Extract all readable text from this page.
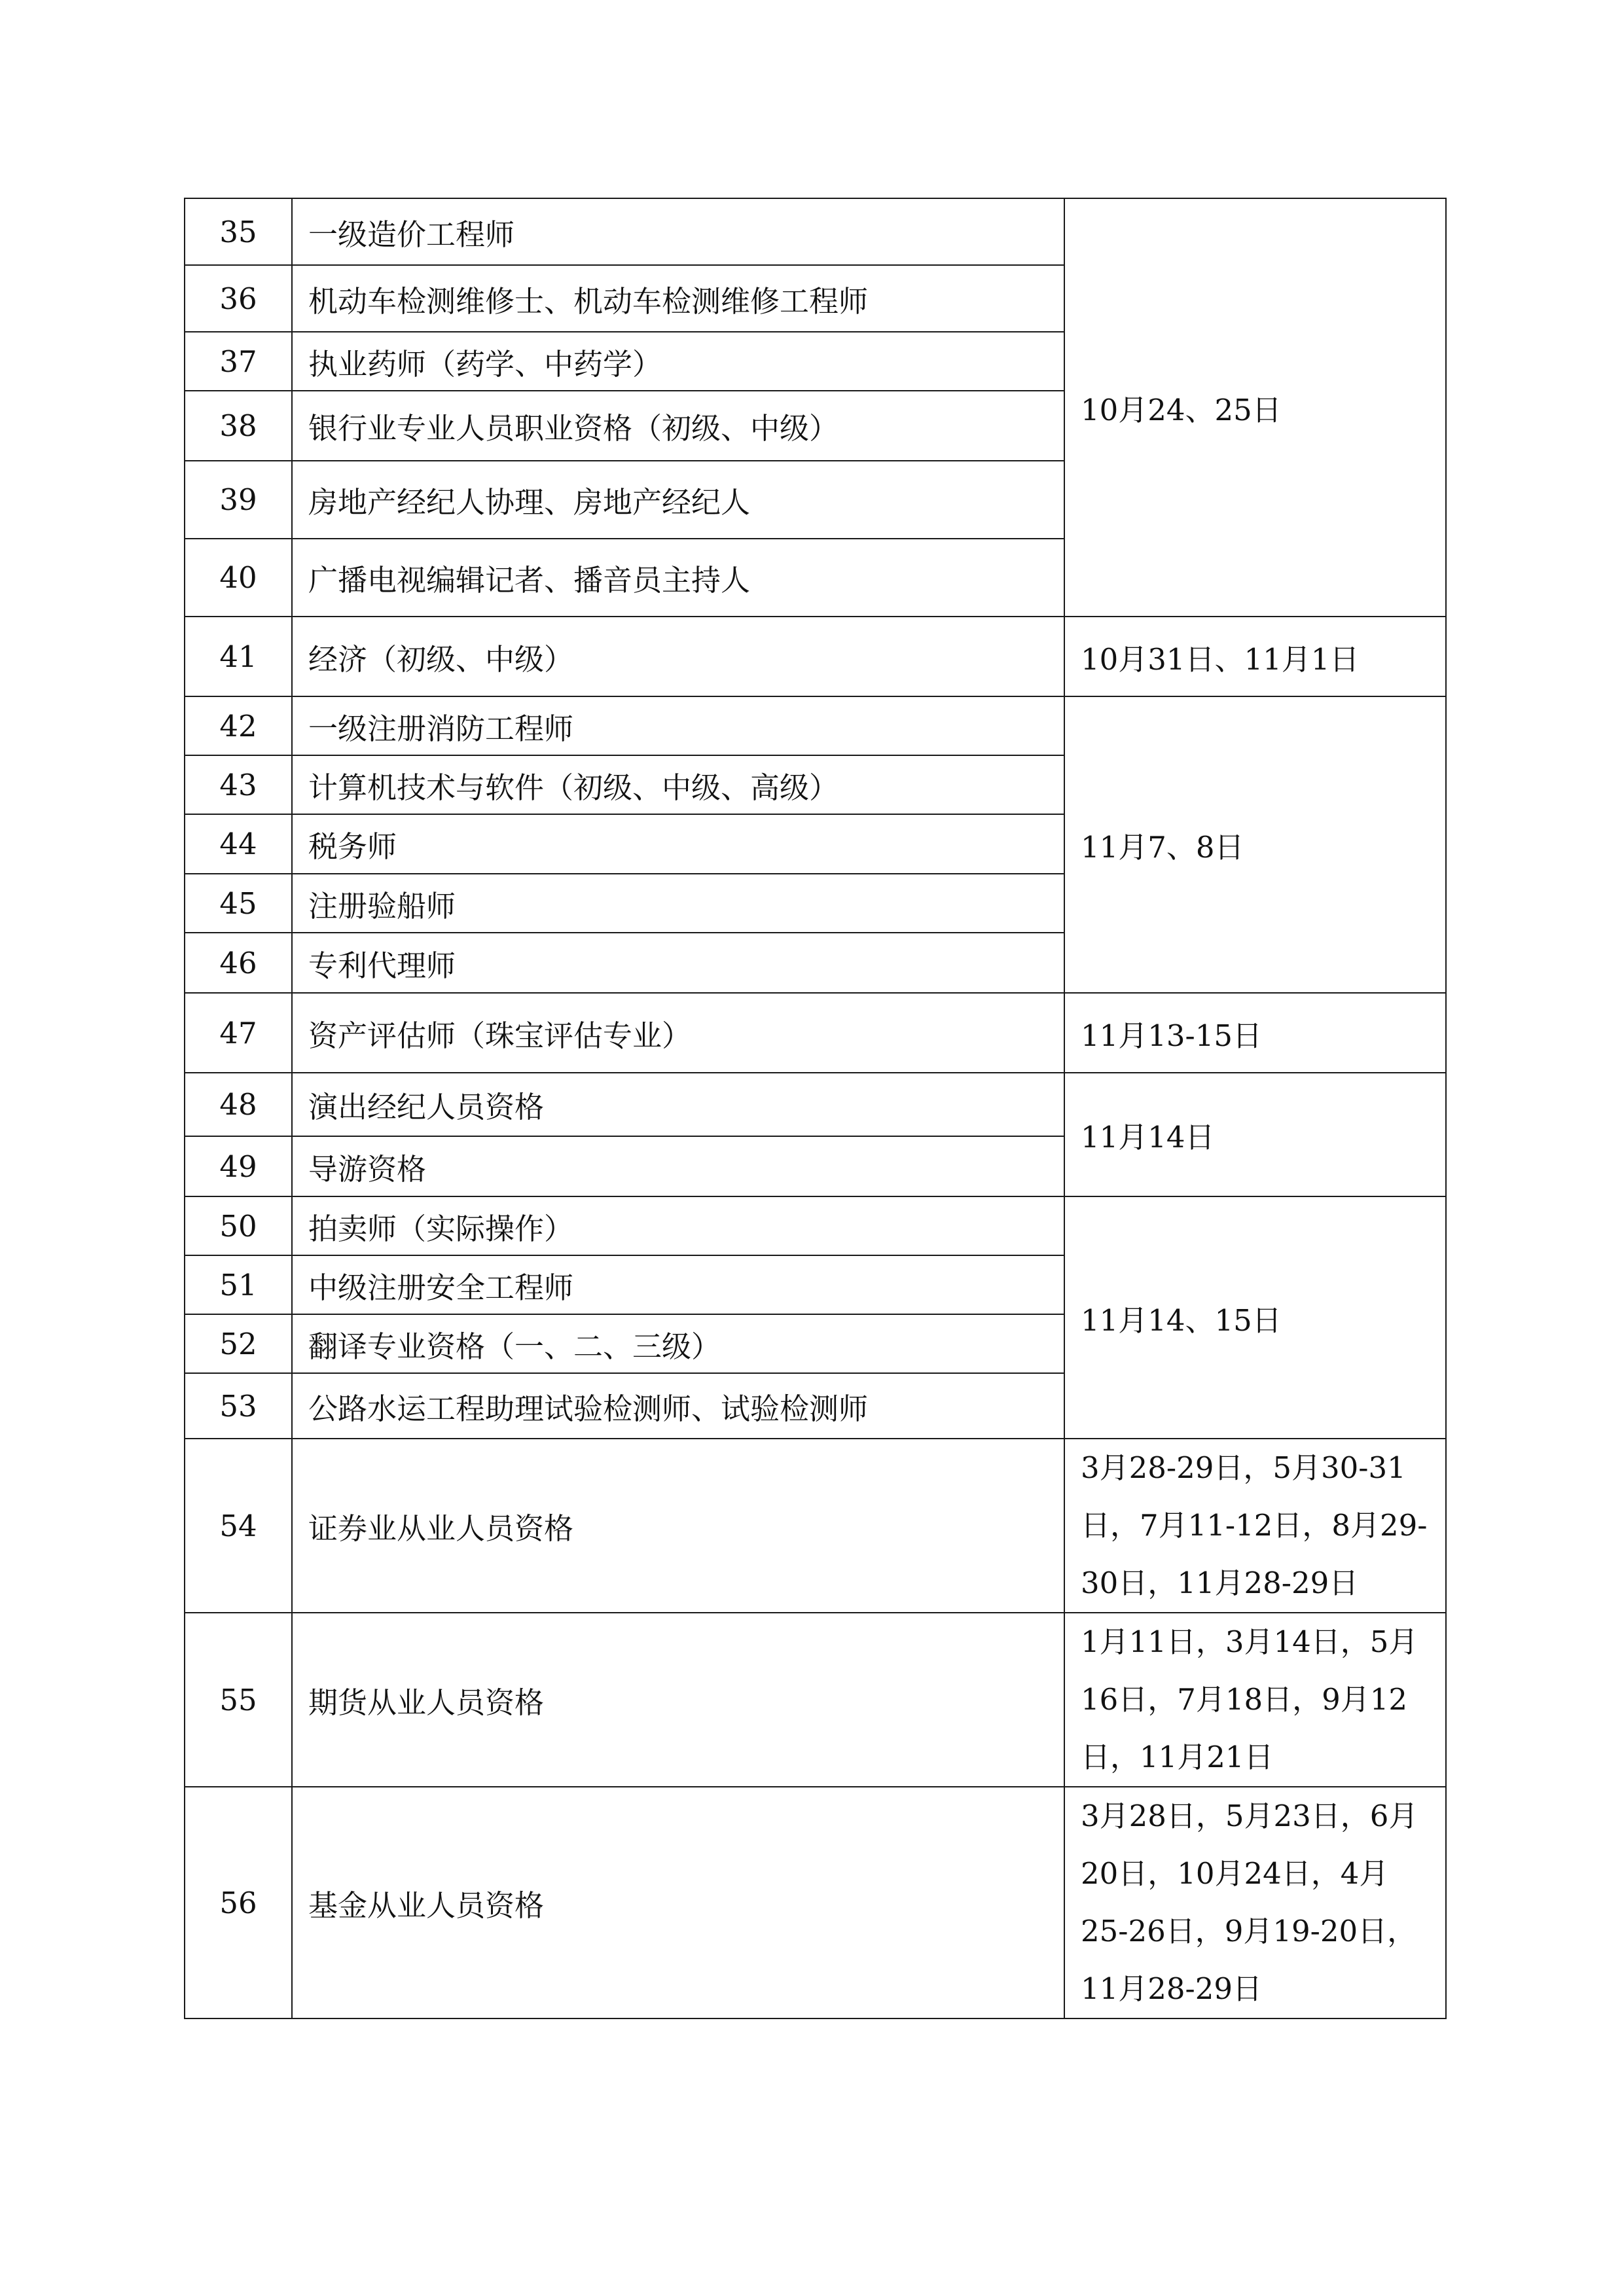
35	一级造价工程师	10月24、25日
36	机动车检测维修士、机动车检测维修工程师	
37	执业药师（药学、中药学）	
38	银行业专业人员职业资格（初级、中级）	
39	房地产经纪人协理、房地产经纪人	
40	广播电视编辑记者、播音员主持人	
41	经济（初级、中级）	10月31日、11月1日
42	一级注册消防工程师	11月7、8日
43	计算机技术与软件（初级、中级、高级）	
44	税务师	
45	注册验船师	
46	专利代理师	
47	资产评估师（珠宝评估专业）	11月13-15日
48	演出经纪人员资格	11月14日
49	导游资格	
50	拍卖师（实际操作）	11月14、15日
51	中级注册安全工程师	
52	翻译专业资格（一、二、三级）	
53	公路水运工程助理试验检测师、试验检测师	
54	证券业从业人员资格	3月28-29日，5月30-31日，7月11-12日，8月29-30日，11月28-29日
55	期货从业人员资格	1月11日，3月14日，5月16日，7月18日，9月12日，11月21日
56	基金从业人员资格	3月28日，5月23日，6月20日，10月24日，4月25-26日，9月19-20日，11月28-29日
